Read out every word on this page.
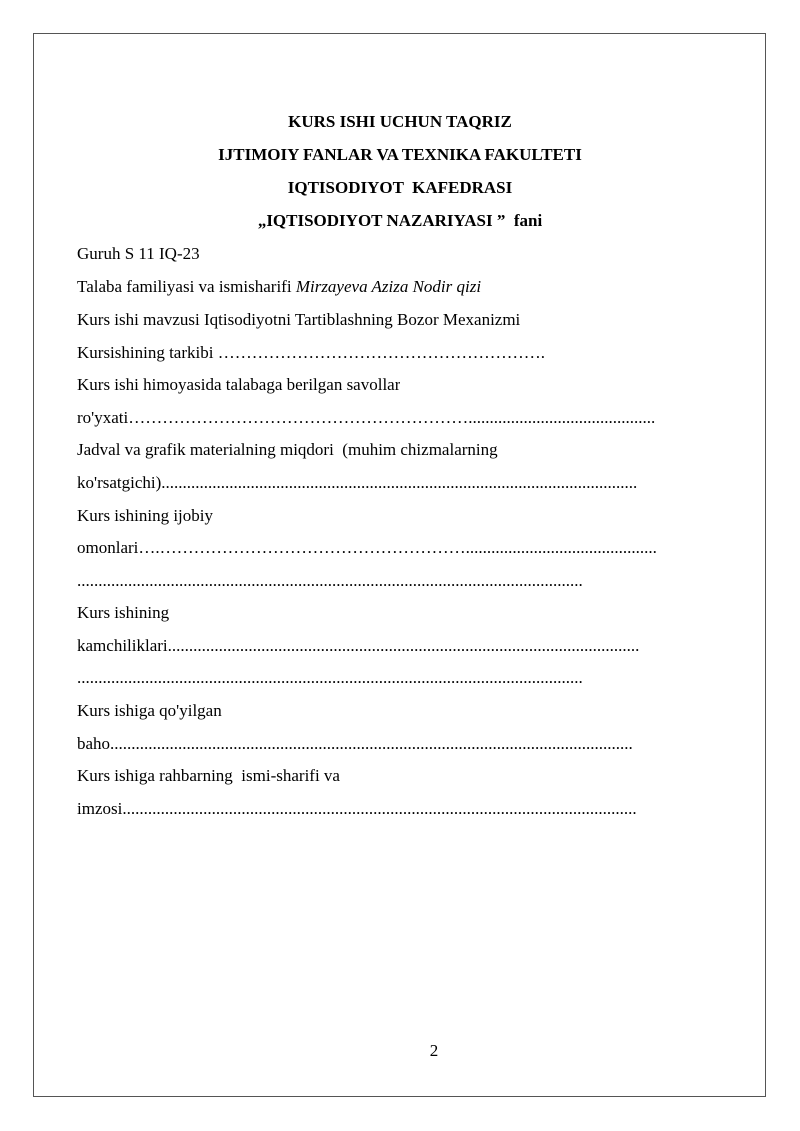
KURS ISHI UCHUN TAQRIZ
IJTIMOIY FANLAR VA TEXNIKA FAKULTETI
IQTISODIYOT  KAFEDRASI
„IQTISODIYOT NAZARIYASI ”  fani
Guruh S 11 IQ-23
Talaba familiyasi va ismisharifi Mirzayeva Aziza Nodir qizi
Kurs ishi mavzusi Iqtisodiyotni Tartiblashning Bozor Mexanizmi
Kursishining tarkibi ………………………………………………….
Kurs ishi himoyasida talabaga berilgan savollar
ro'yxati……………………………………………………............................................
Jadval va grafik materialning miqdori  (muhim chizmalarning
ko'rsatgichi)................................................................................................................
Kurs ishining ijobiy
omonlari….……………………………………………….............................................
.......................................................................................................................
Kurs ishining
kamchiliklari...............................................................................................................
.......................................................................................................................
Kurs ishiga qo'yilgan
baho...........................................................................................................................
Kurs ishiga rahbarning  ismi-sharifi va
imzosi.........................................................................................................................
2
